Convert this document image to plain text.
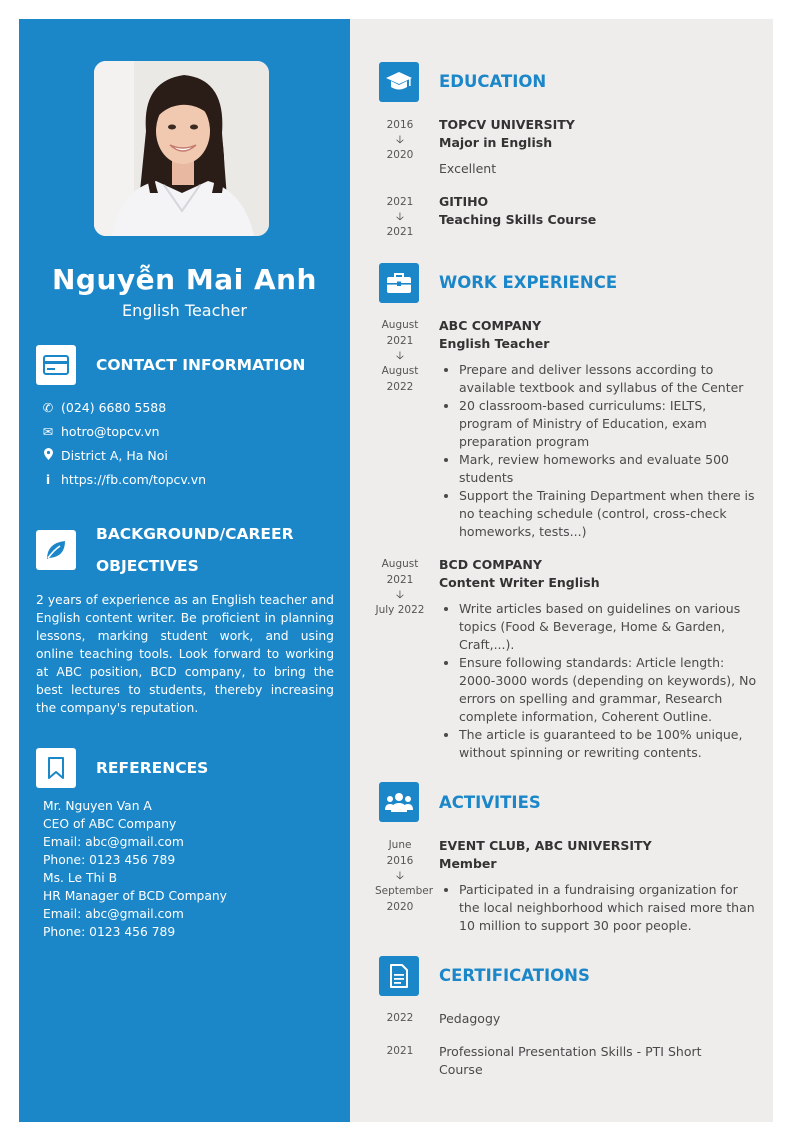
Nguyễn Mai Anh
English Teacher
CONTACT INFORMATION
✆ (024) 6680 5588
✉ hotro@topcv.vn
District A, Ha Noi
i https://fb.com/topcv.vn
BACKGROUND/CAREER
OBJECTIVES
2 years of experience as an English teacher and English content writer. Be proficient in planning lessons, marking student work, and using online teaching tools. Look forward to working at ABC position, BCD company, to bring the best lectures to students, thereby increasing the company's reputation.
REFERENCES
Mr. Nguyen Van A
CEO of ABC Company
Email: abc@gmail.com
Phone: 0123 456 789
Ms. Le Thi B
HR Manager of BCD Company
Email: abc@gmail.com
Phone: 0123 456 789
EDUCATION
2016
🡣
2020
TOPCV UNIVERSITY
Major in English
Excellent
2021
🡣
2021
GITIHO
Teaching Skills Course
WORK EXPERIENCE
August 2021
🡣
August 2022
ABC COMPANY
English Teacher
• Prepare and deliver lessons according to available textbook and syllabus of the Center
• 20 classroom-based curriculums: IELTS, program of Ministry of Education, exam preparation program
• Mark, review homeworks and evaluate 500 students
• Support the Training Department when there is no teaching schedule (control, cross-check homeworks, tests...)
August 2021
🡣
July 2022
BCD COMPANY
Content Writer English
• Write articles based on guidelines on various topics (Food & Beverage, Home & Garden, Craft,...).
• Ensure following standards: Article length: 2000-3000 words (depending on keywords), No errors on spelling and grammar, Research complete information, Coherent Outline.
• The article is guaranteed to be 100% unique, without spinning or rewriting contents.
ACTIVITIES
June 2016
🡣
September 2020
EVENT CLUB, ABC UNIVERSITY
Member
• Participated in a fundraising organization for the local neighborhood which raised more than 10 million to support 30 poor people.
CERTIFICATIONS
2022	Pedagogy
2021	Professional Presentation Skills - PTI Short Course
